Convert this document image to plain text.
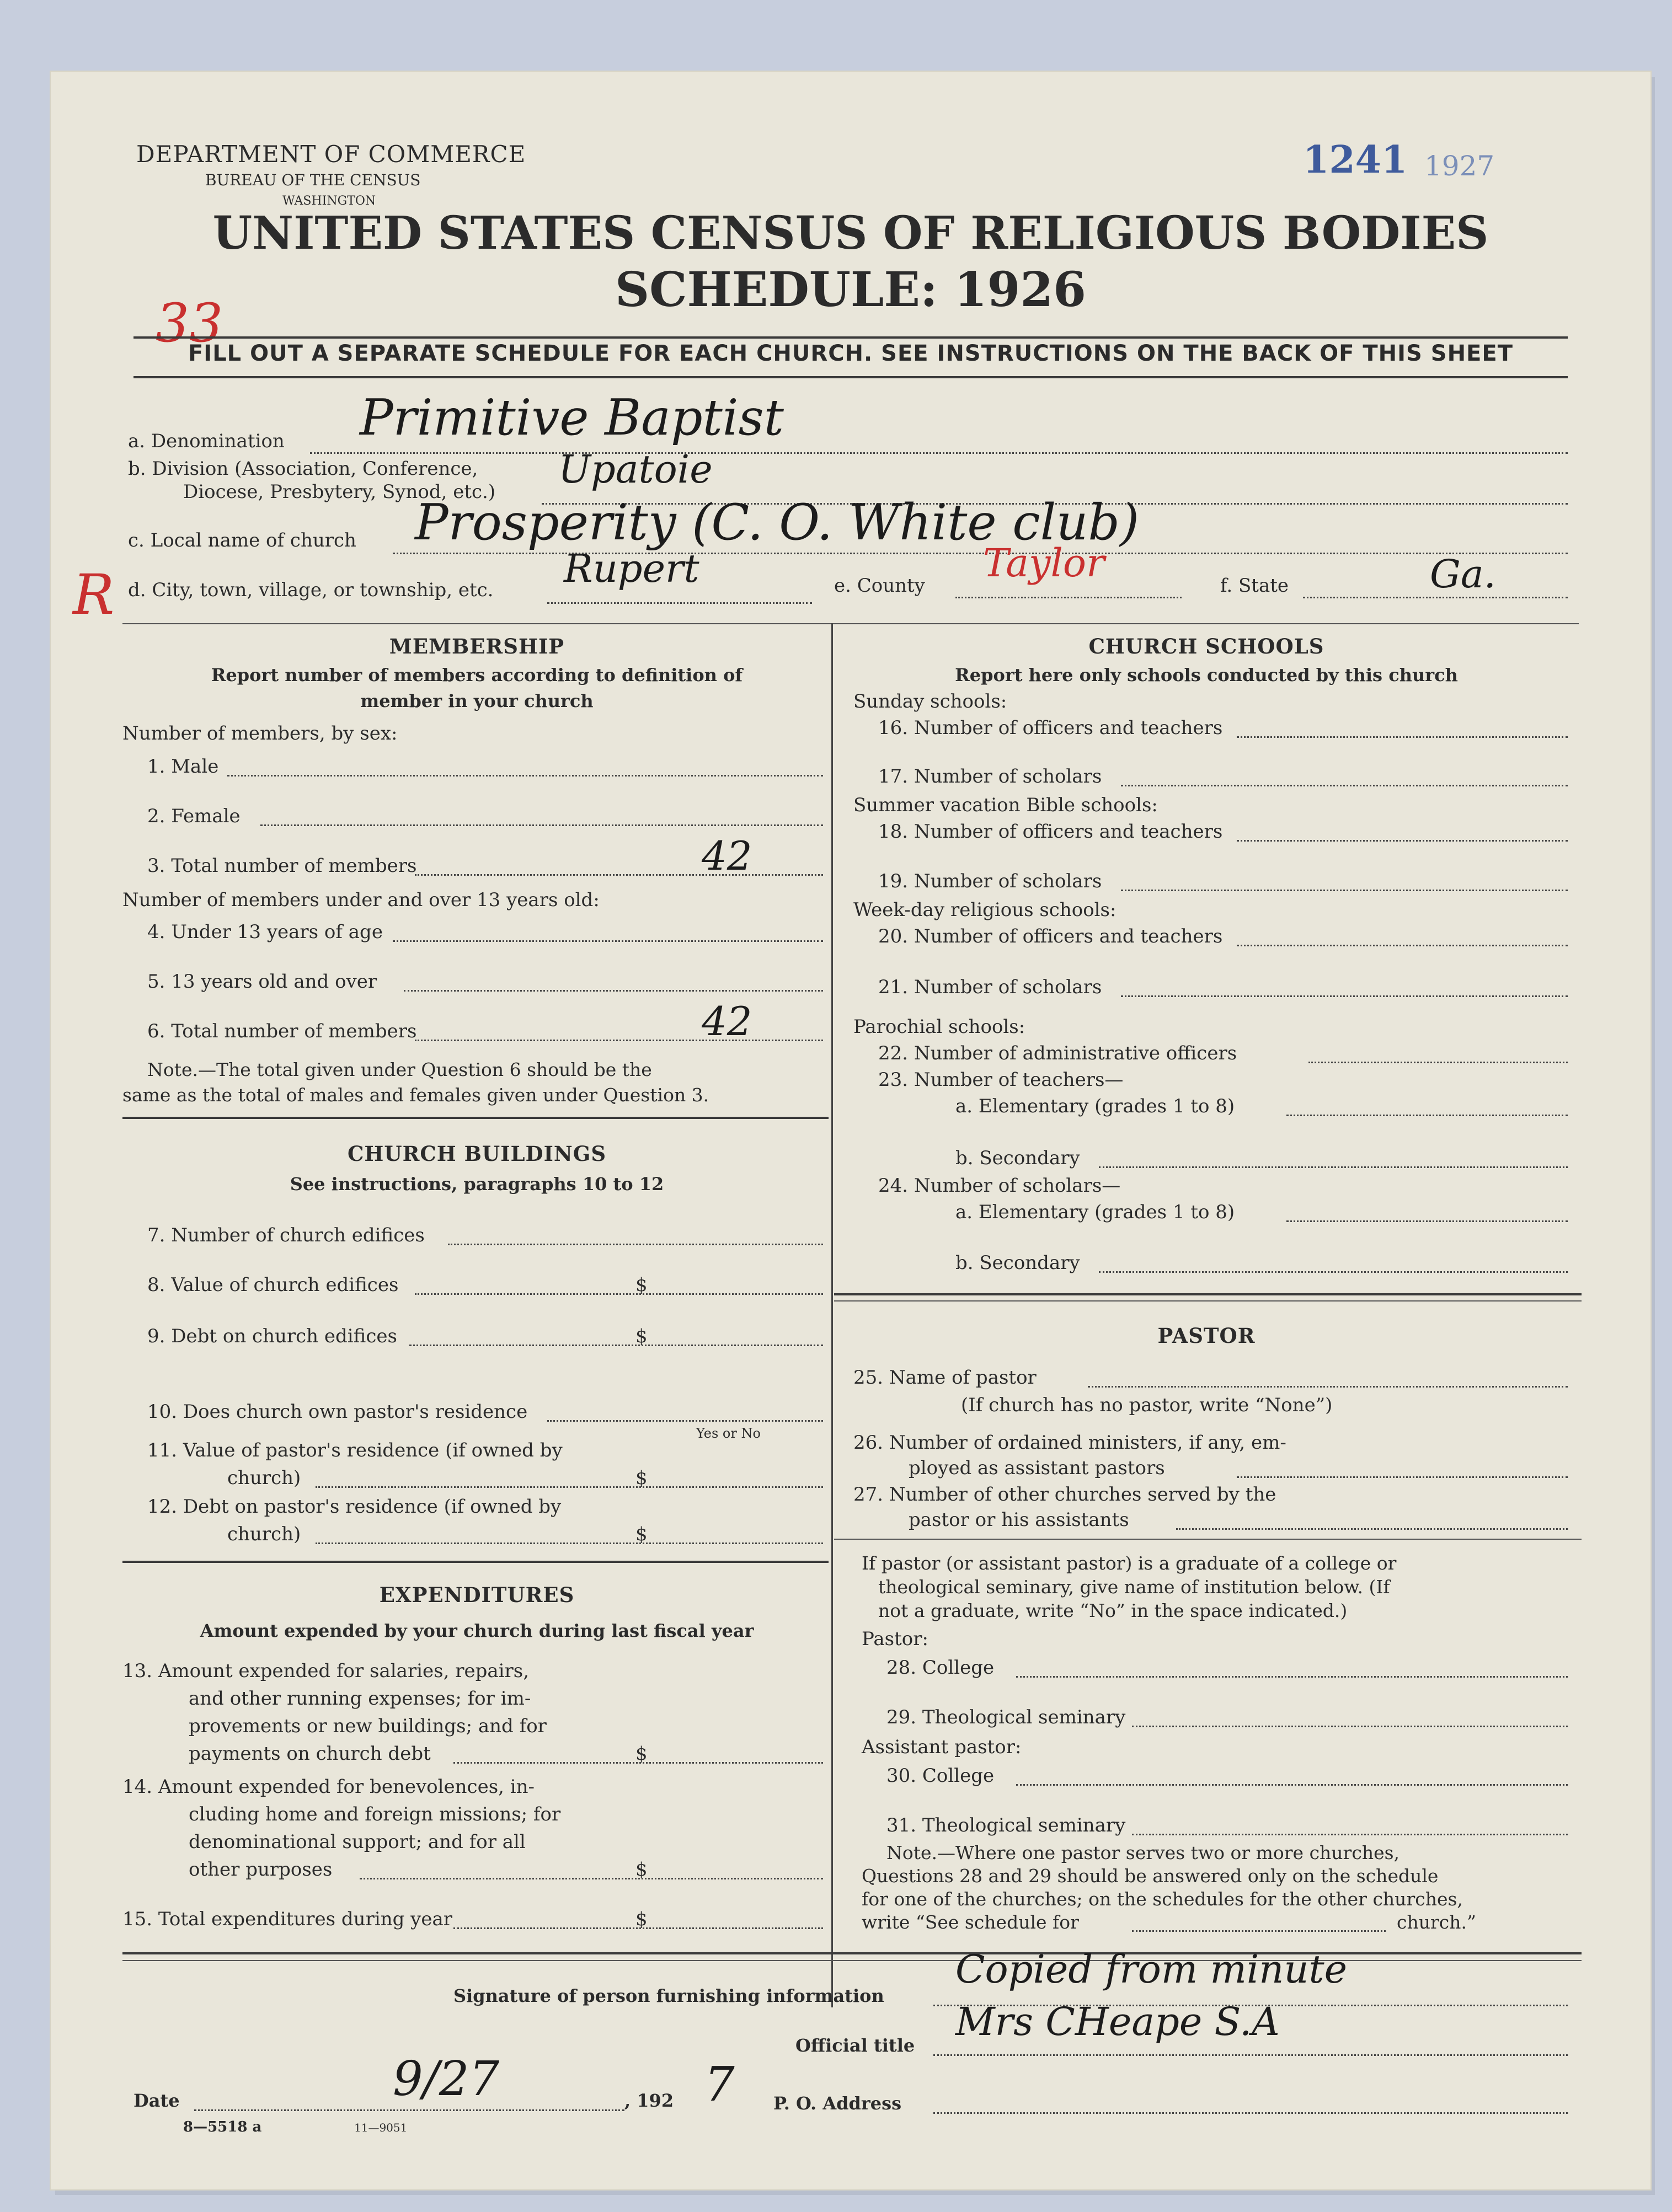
DEPARTMENT OF COMMERCE
BUREAU OF THE CENSUS
WASHINGTON
1241 1927
UNITED STATES CENSUS OF RELIGIOUS BODIES
SCHEDULE: 1926
33
FILL OUT A SEPARATE SCHEDULE FOR EACH CHURCH. SEE INSTRUCTIONS ON THE BACK OF THIS SHEET
a. Denomination Primitive Baptist
b. Division (Association, Conference,
Diocese, Presbytery, Synod, etc.) Upatoie
c. Local name of church Prosperity (C. O. White club)
R d. City, town, village, or township, etc. Rupert	e. County Taylor	f. State	Ga.
MEMBERSHIP
Report number of members according to definition of
member in your church
Number of members, by sex:
1. Male
2. Female
3. Total number of members	42
Number of members under and over 13 years old:
4. Under 13 years of age
5. 13 years old and over
6. Total number of members	42
Note.—The total given under Question 6 should be the
same as the total of males and females given under Question 3.
CHURCH BUILDINGS
See instructions, paragraphs 10 to 12
7. Number of church edifices
8. Value of church edifices	$
9. Debt on church edifices	$
10. Does church own pastor's residence
Yes or No
11. Value of pastor's residence (if owned by
church)	$
12. Debt on pastor's residence (if owned by
church)	$
EXPENDITURES
Amount expended by your church during last fiscal year
13. Amount expended for salaries, repairs,
and other running expenses; for im-
provements or new buildings; and for
payments on church debt	$
14. Amount expended for benevolences, in-
cluding home and foreign missions; for
denominational support; and for all
other purposes	$
15. Total expenditures during year	$
CHURCH SCHOOLS
Report here only schools conducted by this church
Sunday schools:
16. Number of officers and teachers
17. Number of scholars
Summer vacation Bible schools:
18. Number of officers and teachers
19. Number of scholars
Week-day religious schools:
20. Number of officers and teachers
21. Number of scholars
Parochial schools:
22. Number of administrative officers
23. Number of teachers—
a. Elementary (grades 1 to 8)
b. Secondary
24. Number of scholars—
a. Elementary (grades 1 to 8)
b. Secondary
PASTOR
25. Name of pastor
(If church has no pastor, write “None”)
26. Number of ordained ministers, if any, em-
ployed as assistant pastors
27. Number of other churches served by the
pastor or his assistants
If pastor (or assistant pastor) is a graduate of a college or
theological seminary, give name of institution below. (If
not a graduate, write “No” in the space indicated.)
Pastor:
28. College
29. Theological seminary
Assistant pastor:
30. College
31. Theological seminary
Note.—Where one pastor serves two or more churches,
Questions 28 and 29 should be answered only on the schedule
for one of the churches; on the schedules for the other churches,
write “See schedule for	church.”
Signature of person furnishing information
Copied from minute
Official title
Mrs CHeape S.A
Date	9/27	, 192 7 P. O. Address
8—5518 a	11—9051
